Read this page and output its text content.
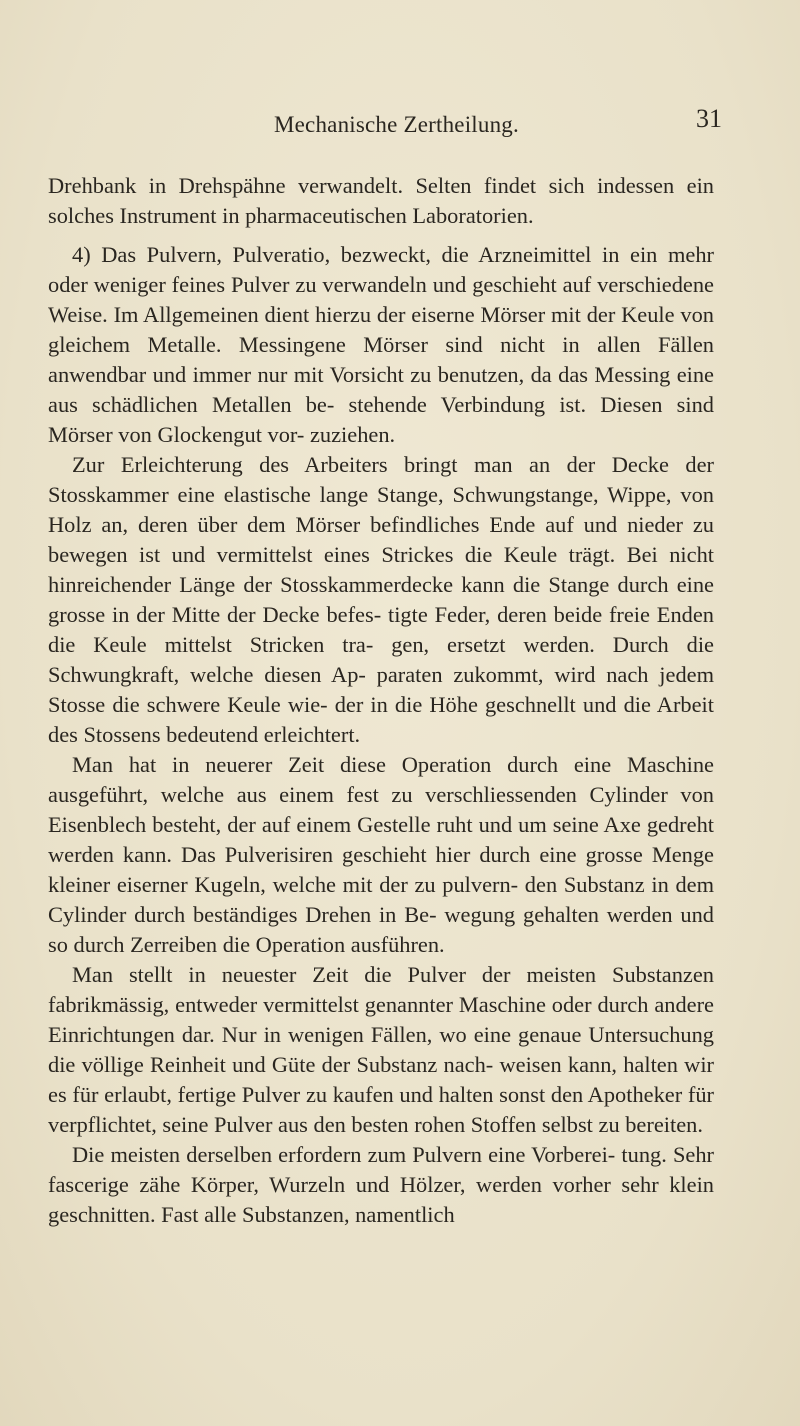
Mechanische Zertheilung.	31

Drehbank in Drehspähne verwandelt. Selten findet sich indessen ein solches Instrument in pharmaceutischen Laboratorien.

4) Das Pulvern, Pulveratio, bezweckt, die Arzneimittel in ein mehr oder weniger feines Pulver zu verwandeln und geschieht auf verschiedene Weise. Im Allgemeinen dient hierzu der eiserne Mörser mit der Keule von gleichem Metalle. Messingene Mörser sind nicht in allen Fällen anwendbar und immer nur mit Vorsicht zu benutzen, da das Messing eine aus schädlichen Metallen be- stehende Verbindung ist. Diesen sind Mörser von Glockengut vor- zuziehen.

Zur Erleichterung des Arbeiters bringt man an der Decke der Stosskammer eine elastische lange Stange, Schwungstange, Wippe, von Holz an, deren über dem Mörser befindliches Ende auf und nieder zu bewegen ist und vermittelst eines Strickes die Keule trägt. Bei nicht hinreichender Länge der Stosskammerdecke kann die Stange durch eine grosse in der Mitte der Decke befes- tigte Feder, deren beide freie Enden die Keule mittelst Stricken tra- gen, ersetzt werden. Durch die Schwungkraft, welche diesen Ap- paraten zukommt, wird nach jedem Stosse die schwere Keule wie- der in die Höhe geschnellt und die Arbeit des Stossens bedeutend erleichtert.

Man hat in neuerer Zeit diese Operation durch eine Maschine ausgeführt, welche aus einem fest zu verschliessenden Cylinder von Eisenblech besteht, der auf einem Gestelle ruht und um seine Axe gedreht werden kann. Das Pulverisiren geschieht hier durch eine grosse Menge kleiner eiserner Kugeln, welche mit der zu pulvern- den Substanz in dem Cylinder durch beständiges Drehen in Be- wegung gehalten werden und so durch Zerreiben die Operation ausführen.

Man stellt in neuester Zeit die Pulver der meisten Substanzen fabrikmässig, entweder vermittelst genannter Maschine oder durch andere Einrichtungen dar. Nur in wenigen Fällen, wo eine genaue Untersuchung die völlige Reinheit und Güte der Substanz nach- weisen kann, halten wir es für erlaubt, fertige Pulver zu kaufen und halten sonst den Apotheker für verpflichtet, seine Pulver aus den besten rohen Stoffen selbst zu bereiten.

Die meisten derselben erfordern zum Pulvern eine Vorberei- tung. Sehr fascerige zähe Körper, Wurzeln und Hölzer, werden vorher sehr klein geschnitten. Fast alle Substanzen, namentlich
